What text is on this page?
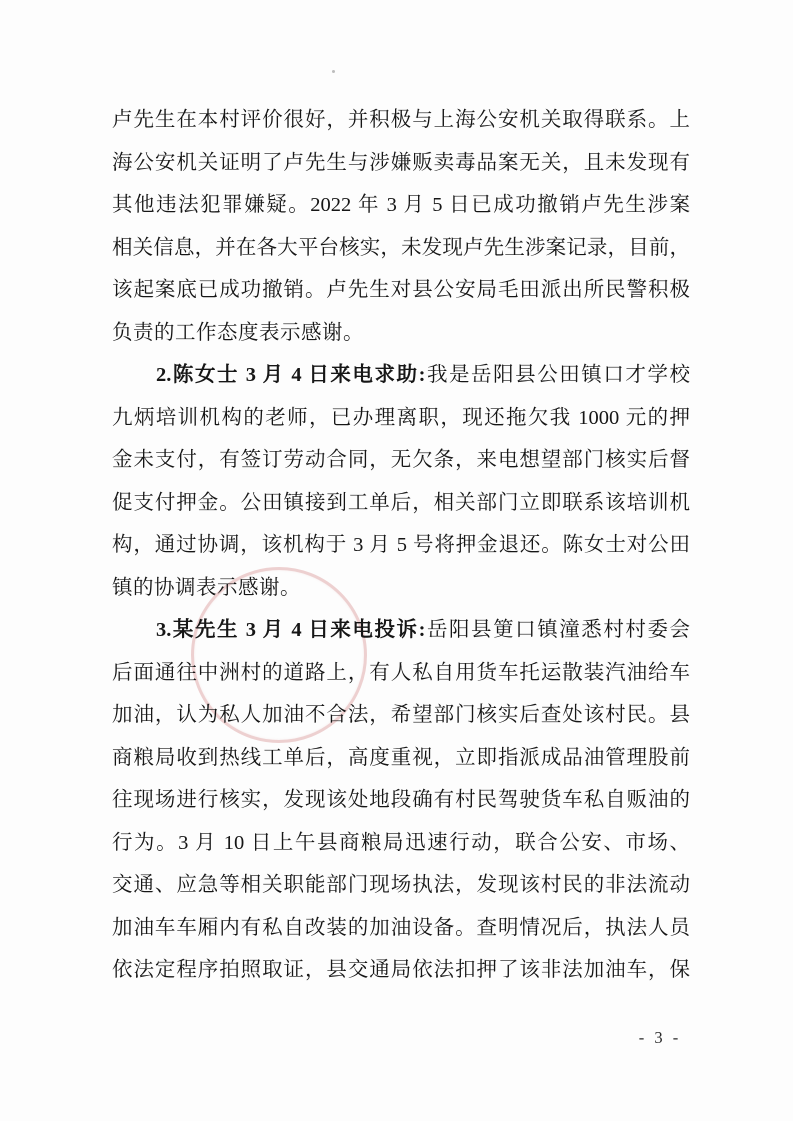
卢先生在本村评价很好，并积极与上海公安机关取得联系。上
海公安机关证明了卢先生与涉嫌贩卖毒品案无关，且未发现有
其他违法犯罪嫌疑。2022 年 3 月 5 日已成功撤销卢先生涉案
相关信息，并在各大平台核实，未发现卢先生涉案记录，目前，
该起案底已成功撤销。卢先生对县公安局毛田派出所民警积极
负责的工作态度表示感谢。
2.陈女士 3 月 4 日来电求助:我是岳阳县公田镇口才学校
九炳培训机构的老师，已办理离职，现还拖欠我 1000 元的押
金未支付，有签订劳动合同，无欠条，来电想望部门核实后督
促支付押金。公田镇接到工单后，相关部门立即联系该培训机
构，通过协调，该机构于 3 月 5 号将押金退还。陈女士对公田
镇的协调表示感谢。
3.某先生 3 月 4 日来电投诉:岳阳县筻口镇潼悉村村委会
后面通往中洲村的道路上，有人私自用货车托运散装汽油给车
加油，认为私人加油不合法，希望部门核实后查处该村民。县
商粮局收到热线工单后，高度重视，立即指派成品油管理股前
往现场进行核实，发现该处地段确有村民驾驶货车私自贩油的
行为。3 月 10 日上午县商粮局迅速行动，联合公安、市场、
交通、应急等相关职能部门现场执法，发现该村民的非法流动
加油车车厢内有私自改装的加油设备。查明情况后，执法人员
依法定程序拍照取证，县交通局依法扣押了该非法加油车，保
- 3 -
